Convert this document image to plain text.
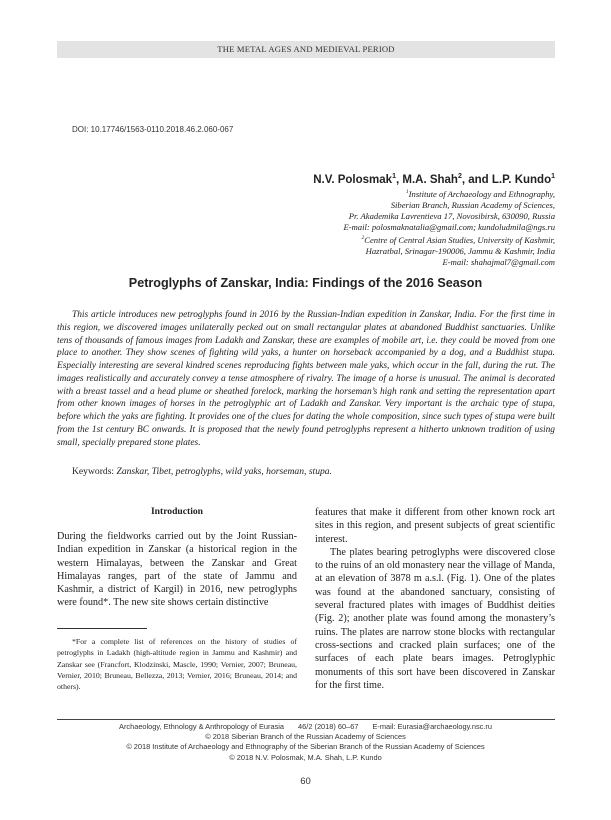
THE METAL AGES AND MEDIEVAL PERIOD
DOI: 10.17746/1563-0110.2018.46.2.060-067
N.V. Polosmak$^1$, M.A. Shah$^2$, and L.P. Kundo$^1$
$^1$Institute of Archaeology and Ethnography,
Siberian Branch, Russian Academy of Sciences,
Pr. Akademika Lavrentieva 17, Novosibirsk, 630090, Russia
E-mail: polosmaknatalia@gmail.com; kundoludmila@ngs.ru
$^2$Centre of Central Asian Studies, University of Kashmir,
Hazratbal, Srinagar-190006, Jammu & Kashmir, India
E-mail: shahajmal7@gmail.com
Petroglyphs of Zanskar, India: Findings of the 2016 Season

This article introduces new petroglyphs found in 2016 by the Russian-Indian expedition in Zanskar, India. For the first time in this region, we discovered images unilaterally pecked out on small rectangular plates at abandoned Buddhist sanctuaries. Unlike tens of thousands of famous images from Ladakh and Zanskar, these are examples of mobile art, i.e. they could be moved from one place to another. They show scenes of fighting wild yaks, a hunter on horseback accompanied by a dog, and a Buddhist stupa. Especially interesting are several kindred scenes reproducing fights between male yaks, which occur in the fall, during the rut. The images realistically and accurately convey a tense atmosphere of rivalry. The image of a horse is unusual. The animal is decorated with a breast tassel and a head plume or sheathed forelock, marking the horseman’s high rank and setting the representation apart from other known images of horses in the petroglyphic art of Ladakh and Zanskar. Very important is the archaic type of stupa, before which the yaks are fighting. It provides one of the clues for dating the whole composition, since such types of stupa were built from the 1st century BC onwards. It is proposed that the newly found petroglyphs represent a hitherto unknown tradition of using small, specially prepared stone plates.

Keywords: Zanskar, Tibet, petroglyphs, wild yaks, horseman, stupa.
Introduction

During the fieldworks carried out by the Joint Russian-Indian expedition in Zanskar (a historical region in the western Himalayas, between the Zanskar and Great Himalayas ranges, part of the state of Jammu and Kashmir, a district of Kargil) in 2016, new petroglyphs were found*. The new site shows certain distinctive

features that make it different from other known rock art sites in this region, and present subjects of great scientific interest.

The plates bearing petroglyphs were discovered close to the ruins of an old monastery near the village of Manda, at an elevation of 3878 m a.s.l. (Fig. 1). One of the plates was found at the abandoned sanctuary, consisting of several fractured plates with images of Buddhist deities (Fig. 2); another plate was found among the monastery’s ruins. The plates are narrow stone blocks with rectangular cross-sections and cracked plain surfaces; one of the surfaces of each plate bears images. Petroglyphic monuments of this sort have been discovered in Zanskar for the first time.

*For a complete list of references on the history of studies of petroglyphs in Ladakh (high-altitude region in Jammu and Kashmir) and Zanskar see (Francfort, Klodzinski, Mascle, 1990; Vernier, 2007; Bruneau, Vernier, 2010; Bruneau, Bellezza, 2013; Vernier, 2016; Bruneau, 2014; and others).

Archaeology, Ethnology & Anthropology of Eurasia 46/2 (2018) 60–67 E-mail: Eurasia@archaeology.nsc.ru
© 2018 Siberian Branch of the Russian Academy of Sciences
© 2018 Institute of Archaeology and Ethnography of the Siberian Branch of the Russian Academy of Sciences
© 2018 N.V. Polosmak, M.A. Shah, L.P. Kundo
60
